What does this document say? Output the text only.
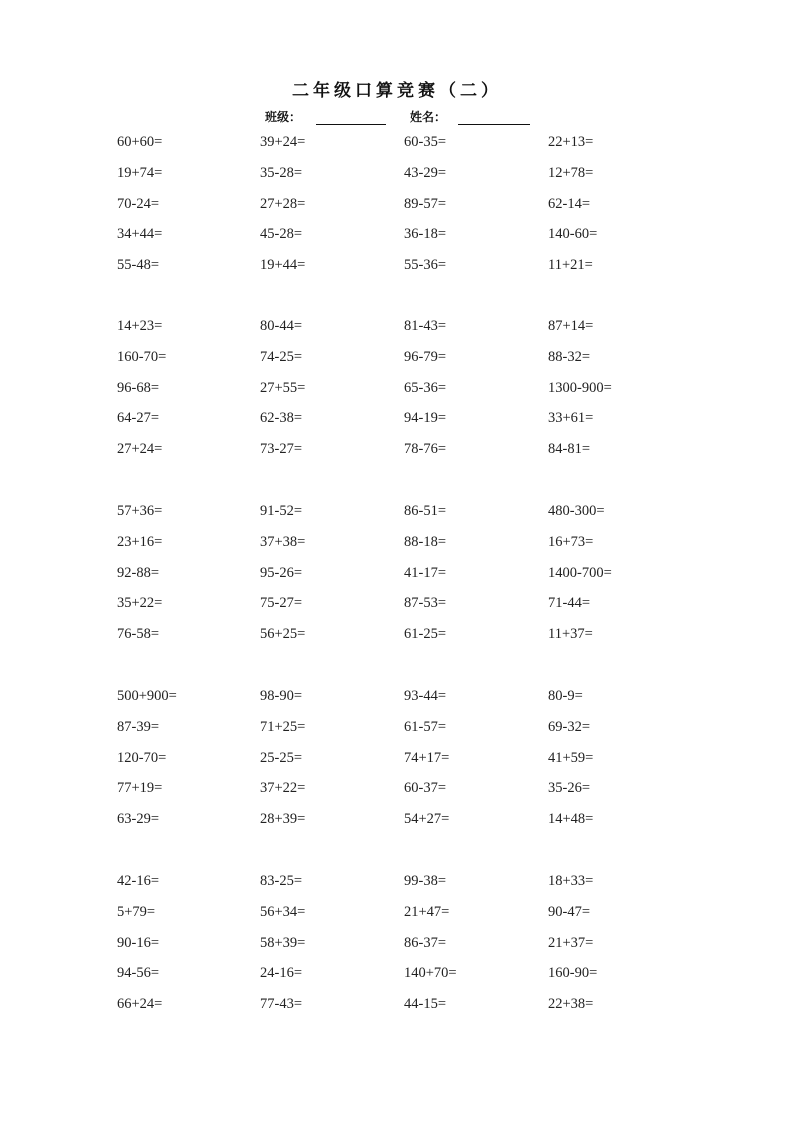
二年级口算竞赛（二）
班级：	姓名：
60+60=	39+24=	60-35=	22+13=
19+74=	35-28=	43-29=	12+78=
70-24=	27+28=	89-57=	62-14=
34+44=	45-28=	36-18=	140-60=
55-48=	19+44=	55-36=	11+21=
14+23=	80-44=	81-43=	87+14=
160-70=	74-25=	96-79=	88-32=
96-68=	27+55=	65-36=	1300-900=
64-27=	62-38=	94-19=	33+61=
27+24=	73-27=	78-76=	84-81=
57+36=	91-52=	86-51=	480-300=
23+16=	37+38=	88-18=	16+73=
92-88=	95-26=	41-17=	1400-700=
35+22=	75-27=	87-53=	71-44=
76-58=	56+25=	61-25=	11+37=
500+900=	98-90=	93-44=	80-9=
87-39=	71+25=	61-57=	69-32=
120-70=	25-25=	74+17=	41+59=
77+19=	37+22=	60-37=	35-26=
63-29=	28+39=	54+27=	14+48=
42-16=	83-25=	99-38=	18+33=
5+79=	56+34=	21+47=	90-47=
90-16=	58+39=	86-37=	21+37=
94-56=	24-16=	140+70=	160-90=
66+24=	77-43=	44-15=	22+38=
